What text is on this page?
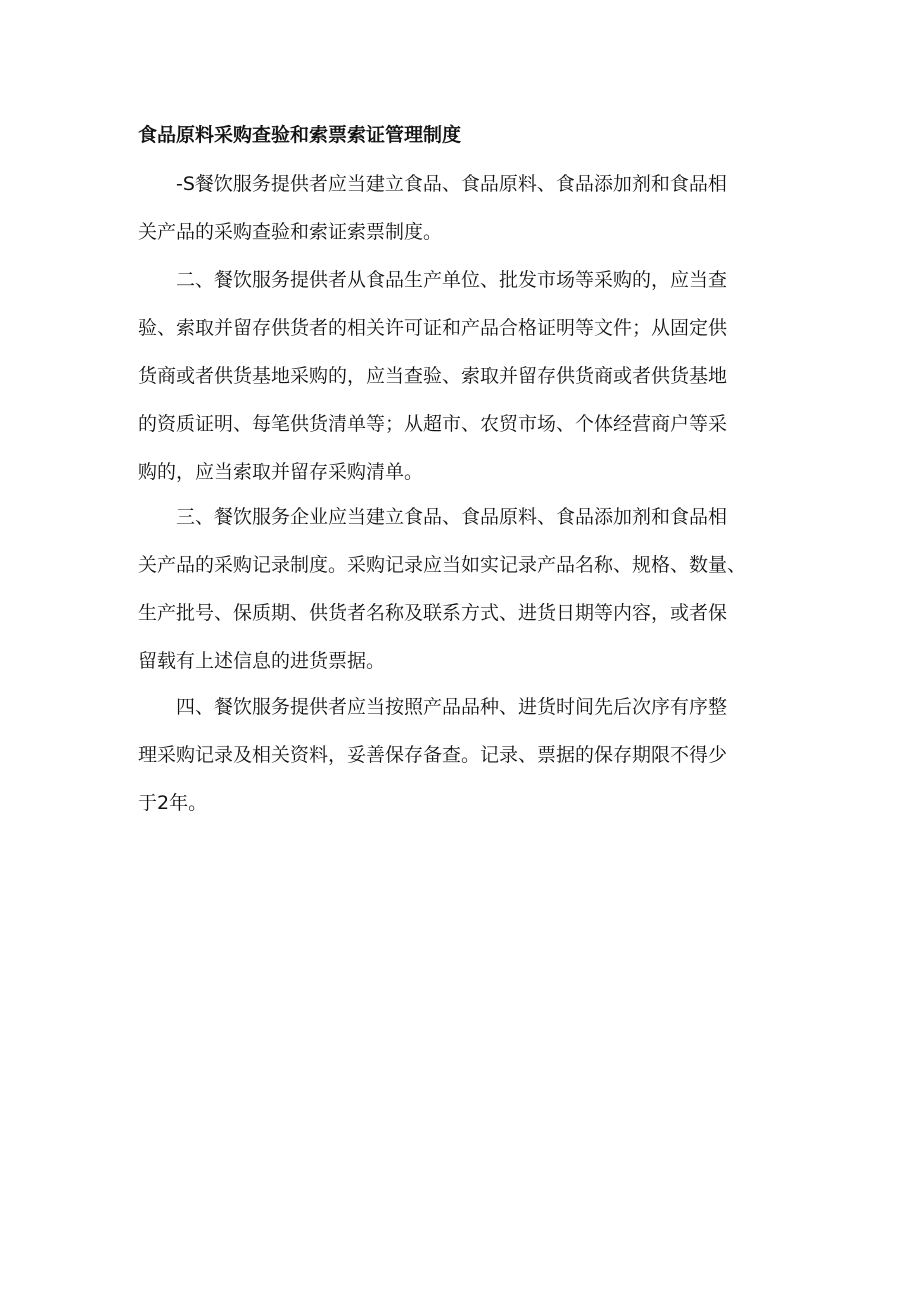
食品原料采购查验和索票索证管理制度

-S餐饮服务提供者应当建立食品、食品原料、食品添加剂和食品相
关产品的采购查验和索证索票制度。

二、餐饮服务提供者从食品生产单位、批发市场等采购的，应当查
验、索取并留存供货者的相关许可证和产品合格证明等文件；从固定供
货商或者供货基地采购的，应当查验、索取并留存供货商或者供货基地
的资质证明、每笔供货清单等；从超市、农贸市场、个体经营商户等采
购的，应当索取并留存采购清单。

三、餐饮服务企业应当建立食品、食品原料、食品添加剂和食品相
关产品的采购记录制度。采购记录应当如实记录产品名称、规格、数量、
生产批号、保质期、供货者名称及联系方式、进货日期等内容，或者保
留载有上述信息的进货票据。

四、餐饮服务提供者应当按照产品品种、进货时间先后次序有序整
理采购记录及相关资料，妥善保存备查。记录、票据的保存期限不得少
于2年。
